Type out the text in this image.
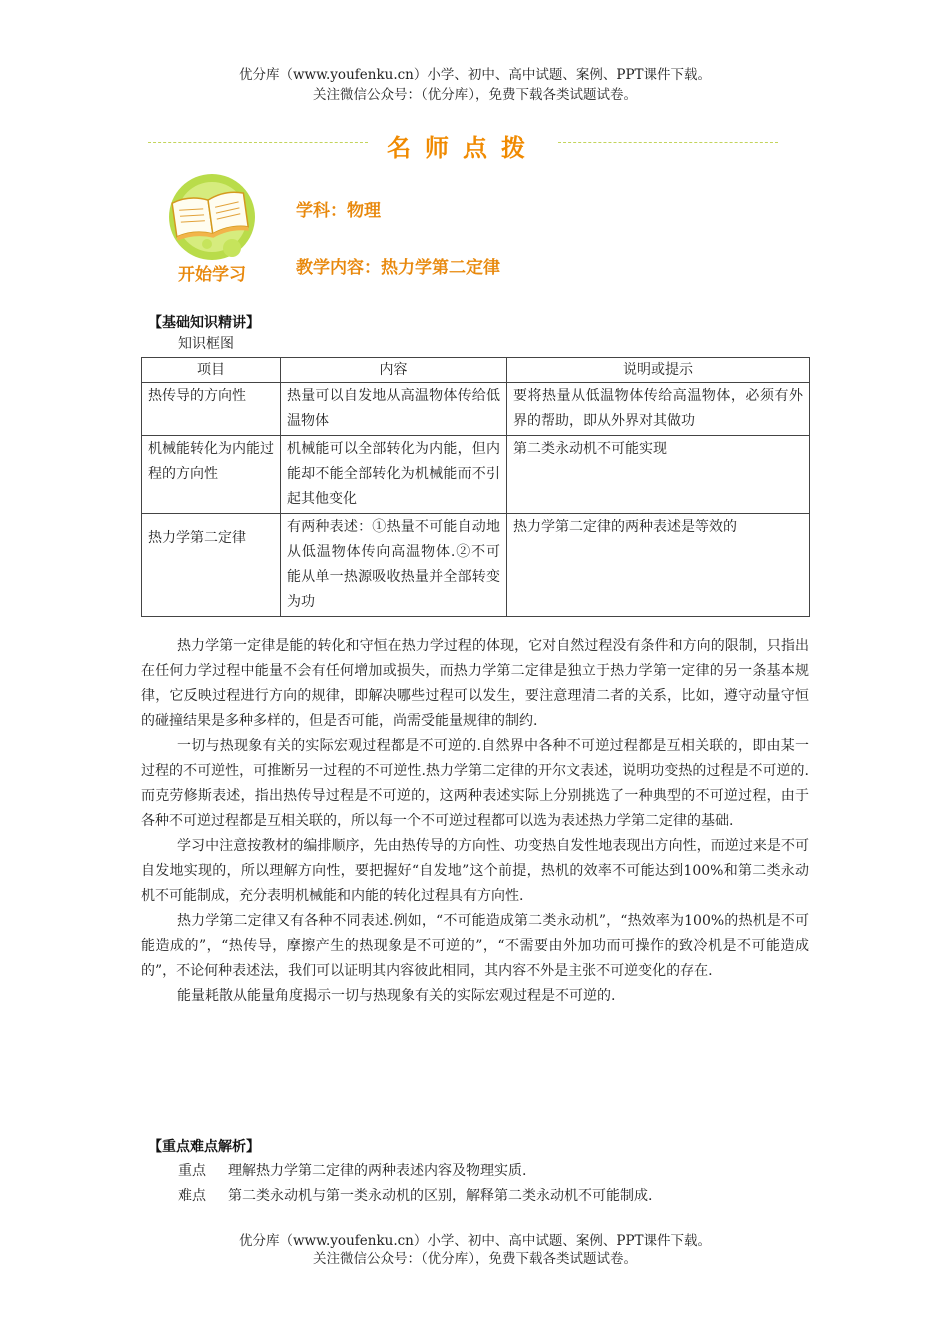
优分库（www.youfenku.cn）小学、初中、高中试题、案例、PPT课件下载。
关注微信公众号：（优分库），免费下载各类试题试卷。
名师点拨
开始学习
学科：物理
教学内容：热力学第二定律
【基础知识精讲】
知识框图
项目	内容	说明或提示
热传导的方向性	热量可以自发地从高温物体传给低温物体	要将热量从低温物体传给高温物体，必须有外界的帮助，即从外界对其做功
机械能转化为内能过程的方向性	机械能可以全部转化为内能，但内能却不能全部转化为机械能而不引起其他变化	第二类永动机不可能实现
热力学第二定律	有两种表述：①热量不可能自动地从低温物体传向高温物体.②不可能从单一热源吸收热量并全部转变为功	热力学第二定律的两种表述是等效的

热力学第一定律是能的转化和守恒在热力学过程的体现，它对自然过程没有条件和方向的限制，只指出在任何力学过程中能量不会有任何增加或损失，而热力学第二定律是独立于热力学第一定律的另一条基本规律，它反映过程进行方向的规律，即解决哪些过程可以发生，要注意理清二者的关系，比如，遵守动量守恒的碰撞结果是多种多样的，但是否可能，尚需受能量规律的制约.

一切与热现象有关的实际宏观过程都是不可逆的.自然界中各种不可逆过程都是互相关联的，即由某一过程的不可逆性，可推断另一过程的不可逆性.热力学第二定律的开尔文表述，说明功变热的过程是不可逆的.而克劳修斯表述，指出热传导过程是不可逆的，这两种表述实际上分别挑选了一种典型的不可逆过程，由于各种不可逆过程都是互相关联的，所以每一个不可逆过程都可以选为表述热力学第二定律的基础.

学习中注意按教材的编排顺序，先由热传导的方向性、功变热自发性地表现出方向性，而逆过来是不可自发地实现的，所以理解方向性，要把握好“自发地”这个前提，热机的效率不可能达到100%和第二类永动机不可能制成，充分表明机械能和内能的转化过程具有方向性.

热力学第二定律又有各种不同表述.例如，“不可能造成第二类永动机”，“热效率为100%的热机是不可能造成的”，“热传导，摩擦产生的热现象是不可逆的”，“不需要由外加功而可操作的致冷机是不可能造成的”，不论何种表述法，我们可以证明其内容彼此相同，其内容不外是主张不可逆变化的存在.

能量耗散从能量角度揭示一切与热现象有关的实际宏观过程是不可逆的.

【重点难点解析】
重点 理解热力学第二定律的两种表述内容及物理实质.
难点 第二类永动机与第一类永动机的区别，解释第二类永动机不可能制成.
优分库（www.youfenku.cn）小学、初中、高中试题、案例、PPT课件下载。
关注微信公众号：（优分库），免费下载各类试题试卷。
